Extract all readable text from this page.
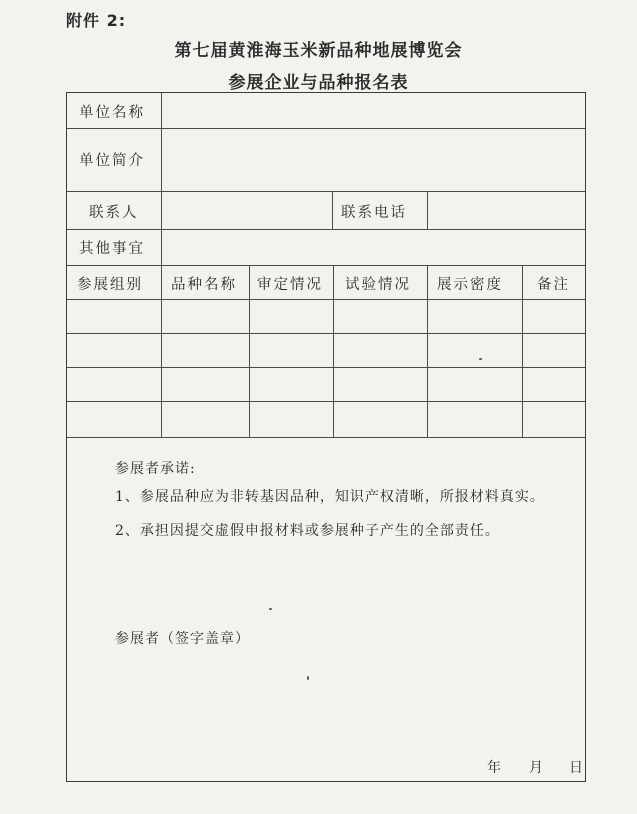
附件 2:
第七届黄淮海玉米新品种地展博览会
参展企业与品种报名表
单位名称
单位简介
联系人	联系电话
其他事宜
参展组别 品种名称 审定情况 试验情况 展示密度 备注
参展者承诺:
1、参展品种应为非转基因品种，知识产权清晰，所报材料真实。
2、承担因提交虚假申报材料或参展种子产生的全部责任。
参展者（签字盖章）
年 月 日
